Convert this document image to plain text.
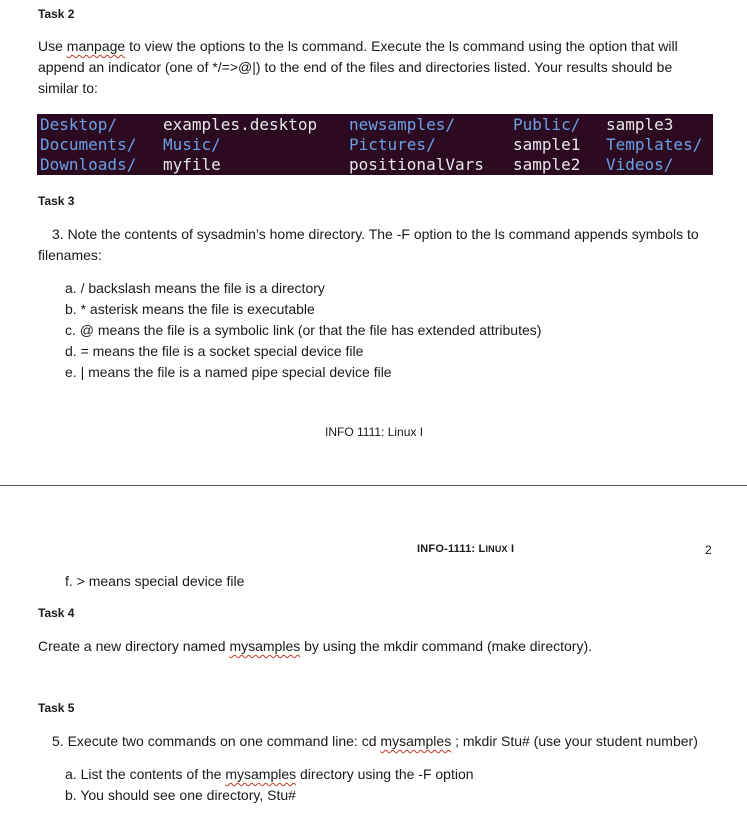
Task 2
Use manpage to view the options to the ls command. Execute the ls command using the option that will
append an indicator (one of */=>@|) to the end of the files and directories listed. Your results should be
similar to:
Desktop/
Documents/
Downloads/
examples.desktop
Music/
myfile
newsamples/
Pictures/
positionalVars
Public/
sample1
sample2
sample3
Templates/
Videos/
Task 3
3. Note the contents of sysadmin’s home directory. The -F option to the ls command appends symbols to
filenames:
a. / backslash means the file is a directory
b. * asterisk means the file is executable
c. @ means the file is a symbolic link (or that the file has extended attributes)
d. = means the file is a socket special device file
e. | means the file is a named pipe special device file
INFO 1111: Linux I
INFO-1111: LINUX I	2
f. > means special device file
Task 4
Create a new directory named mysamples by using the mkdir command (make directory).
Task 5
5. Execute two commands on one command line: cd mysamples ; mkdir Stu# (use your student number)
a. List the contents of the mysamples directory using the -F option
b. You should see one directory, Stu#
